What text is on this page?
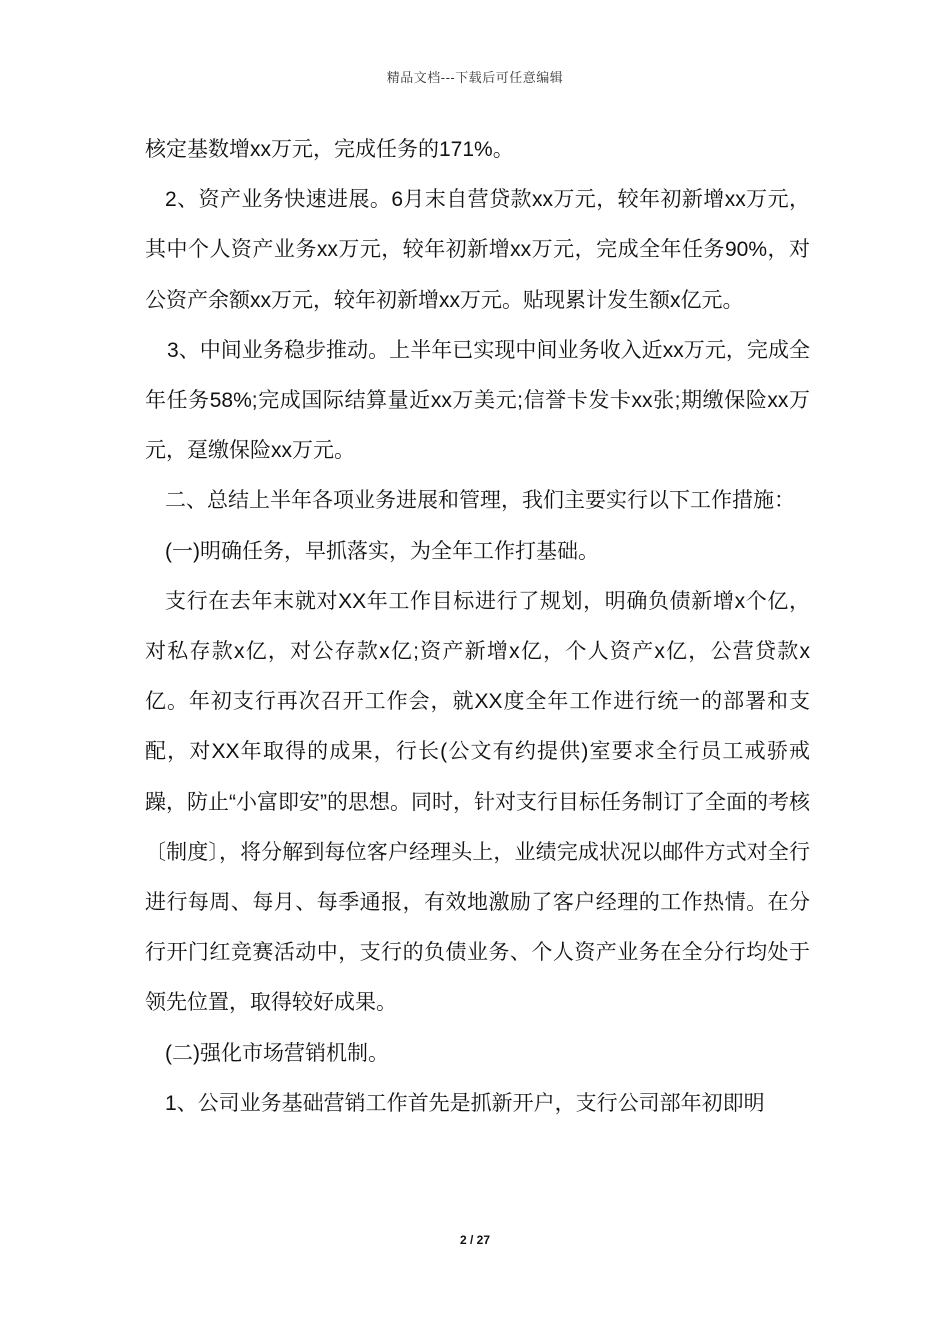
精品文档---下载后可任意编辑

核定基数增xx万元，完成任务的171%。

2、资产业务快速进展。6月末自营贷款xx万元，较年初新增xx万元，其中个人资产业务xx万元，较年初新增xx万元，完成全年任务90%，对公资产余额xx万元，较年初新增xx万元。贴现累计发生额x亿元。

3、中间业务稳步推动。上半年已实现中间业务收入近xx万元，完成全年任务58%;完成国际结算量近xx万美元;信誉卡发卡xx张;期缴保险xx万元，趸缴保险xx万元。

二、总结上半年各项业务进展和管理，我们主要实行以下工作措施：

(一)明确任务，早抓落实，为全年工作打基础。

支行在去年末就对XX年工作目标进行了规划，明确负债新增x个亿，对私存款x亿，对公存款x亿;资产新增x亿，个人资产x亿，公营贷款x亿。年初支行再次召开工作会，就XX度全年工作进行统一的部署和支配，对XX年取得的成果，行长(公文有约提供)室要求全行员工戒骄戒躁，防止“小富即安”的思想。同时，针对支行目标任务制订了全面的考核〔制度〕，将分解到每位客户经理头上，业绩完成状况以邮件方式对全行进行每周、每月、每季通报，有效地激励了客户经理的工作热情。在分行开门红竞赛活动中，支行的负债业务、个人资产业务在全分行均处于领先位置，取得较好成果。

(二)强化市场营销机制。

1、公司业务基础营销工作首先是抓新开户，支行公司部年初即明

2 / 27
